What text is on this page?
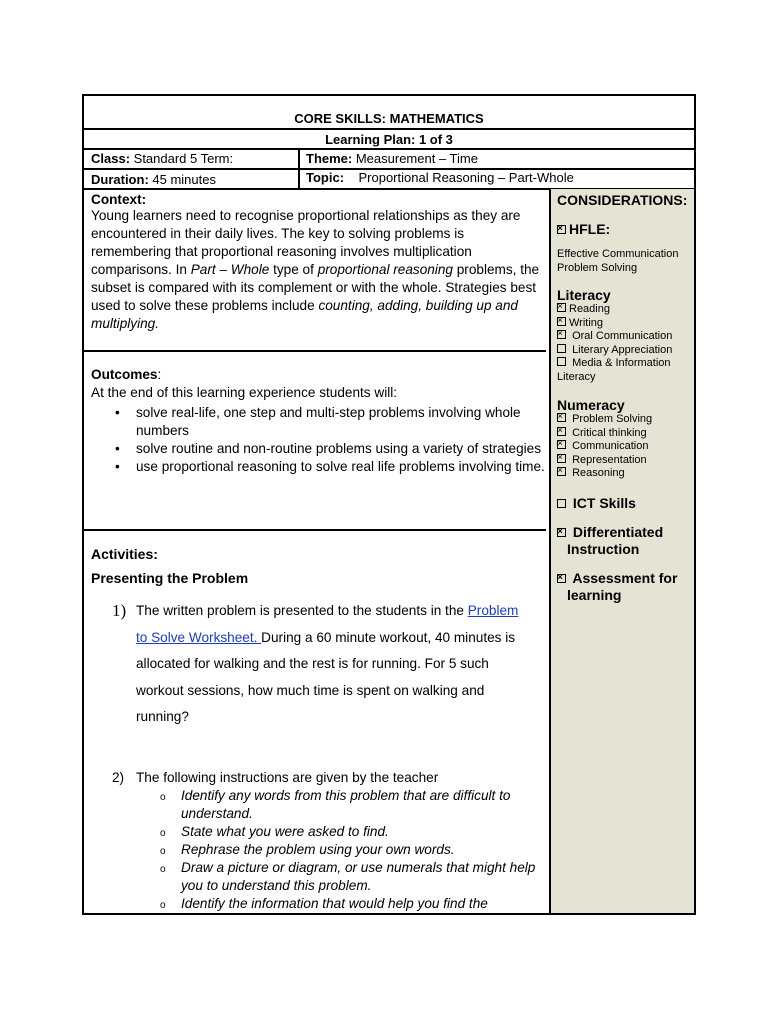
CORE SKILLS: MATHEMATICS
Learning Plan: 1 of 3
Class: Standard 5 Term:	Theme: Measurement – Time
Duration: 45 minutes	Topic: Proportional Reasoning – Part-Whole
CONSIDERATIONS:
×HFLE:
Effective Communication
Problem Solving
Literacy
×Reading
×Writing
× Oral Communication
Literary Appreciation
Media & Information
Literacy
Numeracy
× Problem Solving
× Critical thinking
× Communication
× Representation
× Reasoning
ICT Skills
× Differentiated
Instruction
× Assessment for
learning
Context:
Young learners need to recognise proportional relationships as they are encountered in their daily lives. The key to solving problems is remembering that proportional reasoning involves multiplication comparisons. In Part – Whole type of proportional reasoning problems, the subset is compared with its complement or with the whole. Strategies best used to solve these problems include counting, adding, building up and multiplying.
Outcomes:
At the end of this learning experience students will:
• solve real-life, one step and multi-step problems involving whole numbers
• solve routine and non-routine problems using a variety of strategies
• use proportional reasoning to solve real life problems involving time.
Activities:
Presenting the Problem
1) The written problem is presented to the students in the Problem to Solve Worksheet. During a 60 minute workout, 40 minutes is allocated for walking and the rest is for running. For 5 such workout sessions, how much time is spent on walking and running?
2) The following instructions are given by the teacher
o Identify any words from this problem that are difficult to understand.
o State what you were asked to find.
o Rephrase the problem using your own words.
o Draw a picture or diagram, or use numerals that might help you to understand this problem.
o Identify the information that would help you find the
